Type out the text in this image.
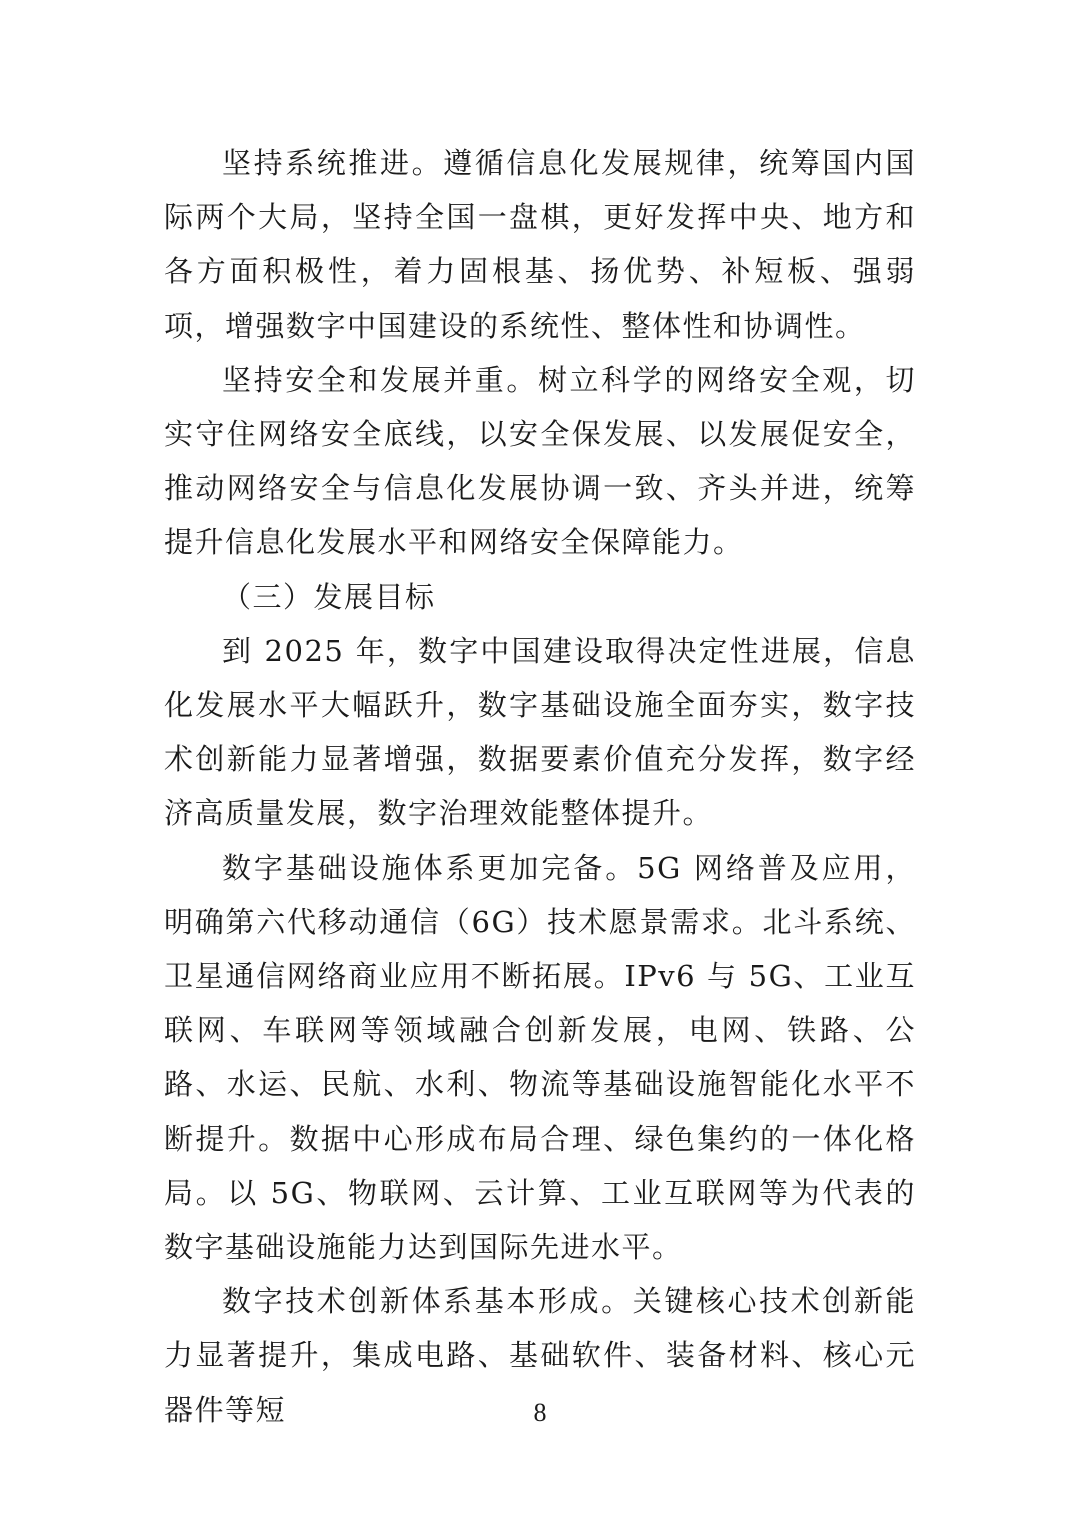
坚持系统推进。遵循信息化发展规律，统筹国内国际两个大局，坚持全国一盘棋，更好发挥中央、地方和各方面积极性，着力固根基、扬优势、补短板、强弱项，增强数字中国建设的系统性、整体性和协调性。

坚持安全和发展并重。树立科学的网络安全观，切实守住网络安全底线，以安全保发展、以发展促安全，推动网络安全与信息化发展协调一致、齐头并进，统筹提升信息化发展水平和网络安全保障能力。

（三）发展目标

到 2025 年，数字中国建设取得决定性进展，信息化发展水平大幅跃升，数字基础设施全面夯实，数字技术创新能力显著增强，数据要素价值充分发挥，数字经济高质量发展，数字治理效能整体提升。

数字基础设施体系更加完备。5G 网络普及应用，明确第六代移动通信（6G）技术愿景需求。北斗系统、卫星通信网络商业应用不断拓展。IPv6 与 5G、工业互联网、车联网等领域融合创新发展，电网、铁路、公路、水运、民航、水利、物流等基础设施智能化水平不断提升。数据中心形成布局合理、绿色集约的一体化格局。以 5G、物联网、云计算、工业互联网等为代表的数字基础设施能力达到国际先进水平。

数字技术创新体系基本形成。关键核心技术创新能力显著提升，集成电路、基础软件、装备材料、核心元器件等短	8
